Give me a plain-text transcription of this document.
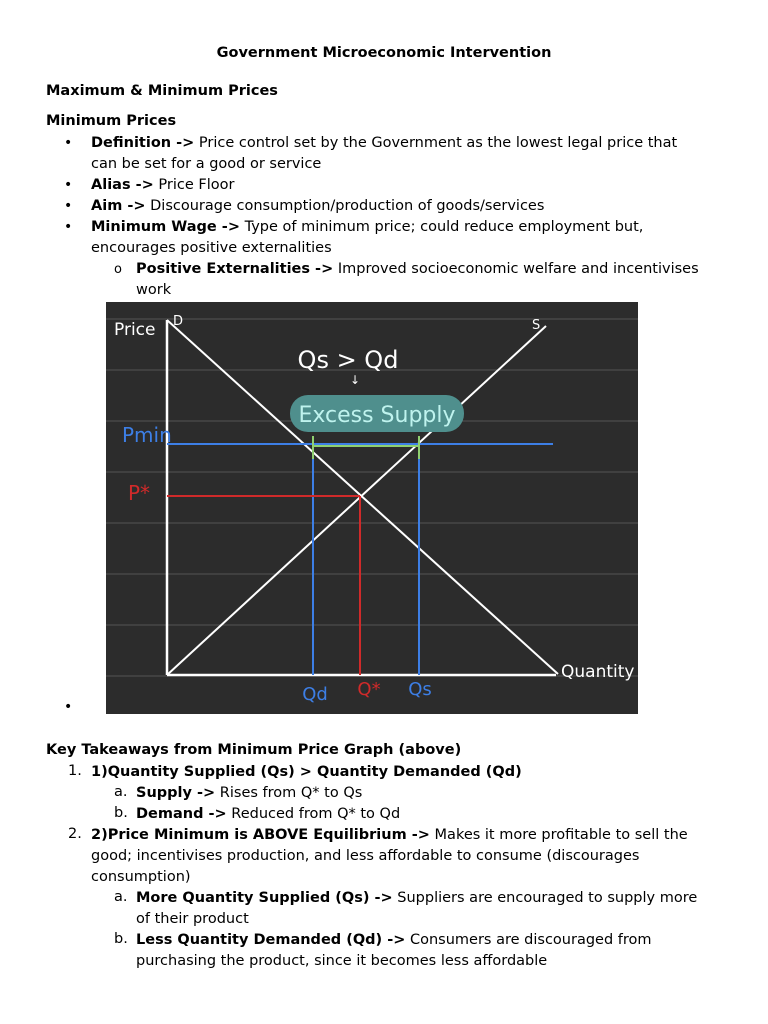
Government Microeconomic Intervention
Maximum & Minimum Prices
Minimum Prices
• Definition -> Price control set by the Government as the lowest legal price that
can be set for a good or service
• Alias -> Price Floor
• Aim -> Discourage consumption/production of goods/services
• Minimum Wage -> Type of minimum price; could reduce employment but,
encourages positive externalities
o Positive Externalities -> Improved socioeconomic welfare and incentivises
work
•
Excess Supply
Qs > Qd
↓
Price
Quantity
D	S
Pmin
P*
Qd Q* Qs
Key Takeaways from Minimum Price Graph (above)
1. 1)Quantity Supplied (Qs) > Quantity Demanded (Qd)
a. Supply -> Rises from Q* to Qs
b. Demand -> Reduced from Q* to Qd
2. 2)Price Minimum is ABOVE Equilibrium -> Makes it more profitable to sell the
good; incentivises production, and less affordable to consume (discourages
consumption)
a. More Quantity Supplied (Qs) -> Suppliers are encouraged to supply more
of their product
b. Less Quantity Demanded (Qd) -> Consumers are discouraged from
purchasing the product, since it becomes less affordable
